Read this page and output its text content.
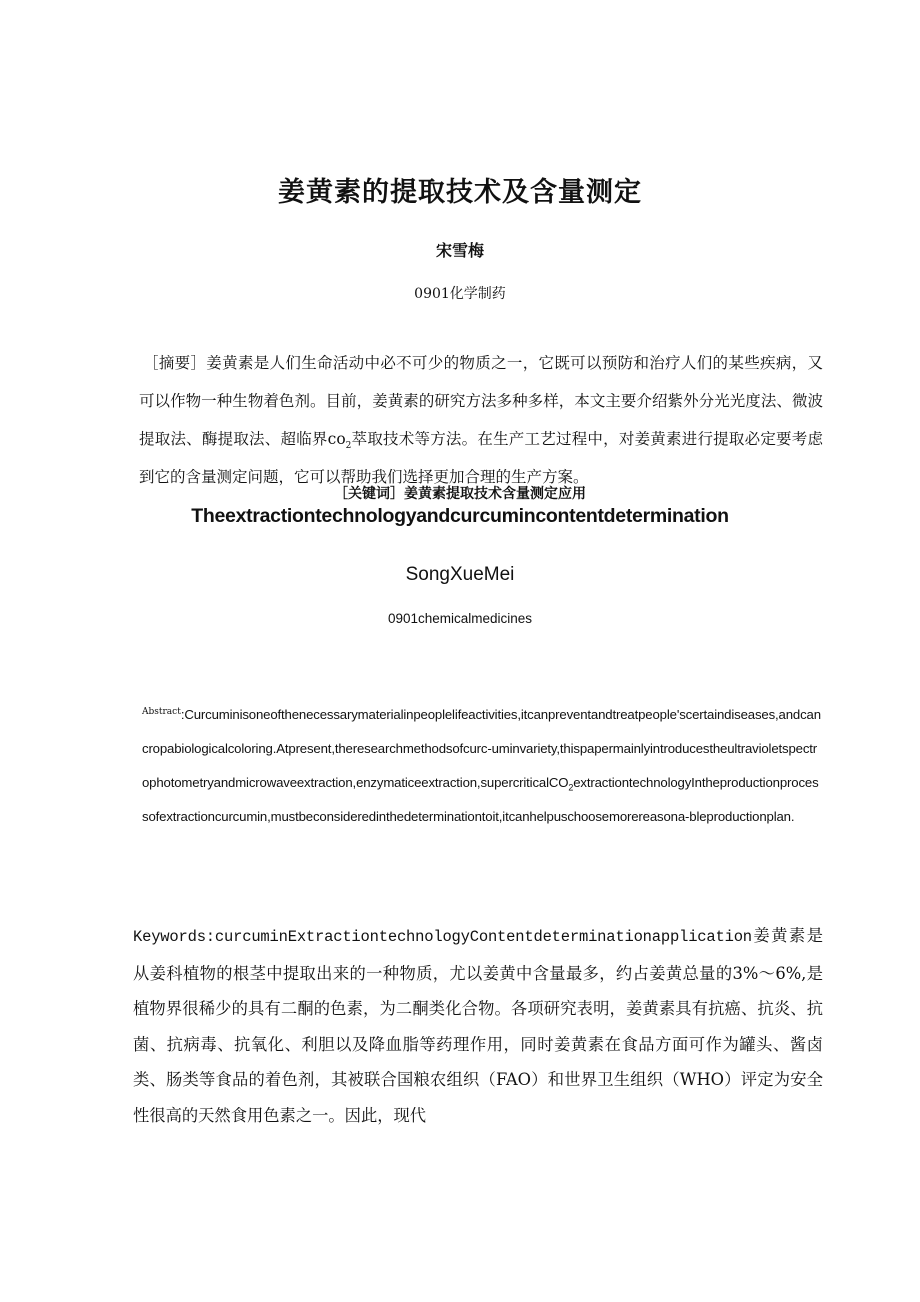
姜黄素的提取技术及含量测定
宋雪梅
0901化学制药
［摘要］姜黄素是人们生命活动中必不可少的物质之一，它既可以预防和治疗人们的某些疾病，又可以作物一种生物着色剂。目前，姜黄素的研究方法多种多样，本文主要介绍紫外分光光度法、微波提取法、酶提取法、超临界$co_2$萃取技术等方法。在生产工艺过程中，对姜黄素进行提取必定要考虑到它的含量测定问题，它可以帮助我们选择更加合理的生产方案。
［关键词］姜黄素提取技术含量测定应用
Theextractiontechnologyandcurcumincontentdetermination
SongXueMei
0901chemicalmedicines
$^{Abstract}$:Curcuminisoneofthenecessarymaterialinpeoplelifeactivities,itcanpreventandtreatpeople'scertaindiseases,andcancropabiologicalcoloring.Atpresent,theresearchmethodsofcurc-uminvariety,thispapermainlyintroducestheultravioletspectrophotometryandmicrowaveextraction,enzymaticeextraction,supercriticalCO$_2$extractiontechnologyIntheproductionprocessofextractioncurcumin,mustbeconsideredinthedeterminationtoit,itcanhelpuschoosemorereasona-bleproductionplan.
Keywords:curcuminExtractiontechnologyContentdeterminationapplication姜黄素是从姜科植物的根茎中提取出来的一种物质，尤以姜黄中含量最多，约占姜黄总量的3%〜6%,是植物界很稀少的具有二酮的色素，为二酮类化合物。各项研究表明，姜黄素具有抗癌、抗炎、抗菌、抗病毒、抗氧化、利胆以及降血脂等药理作用，同时姜黄素在食品方面可作为罐头、酱卤类、肠类等食品的着色剂，其被联合国粮农组织（FAO）和世界卫生组织（WHO）评定为安全性很高的天然食用色素之一。因此，现代
